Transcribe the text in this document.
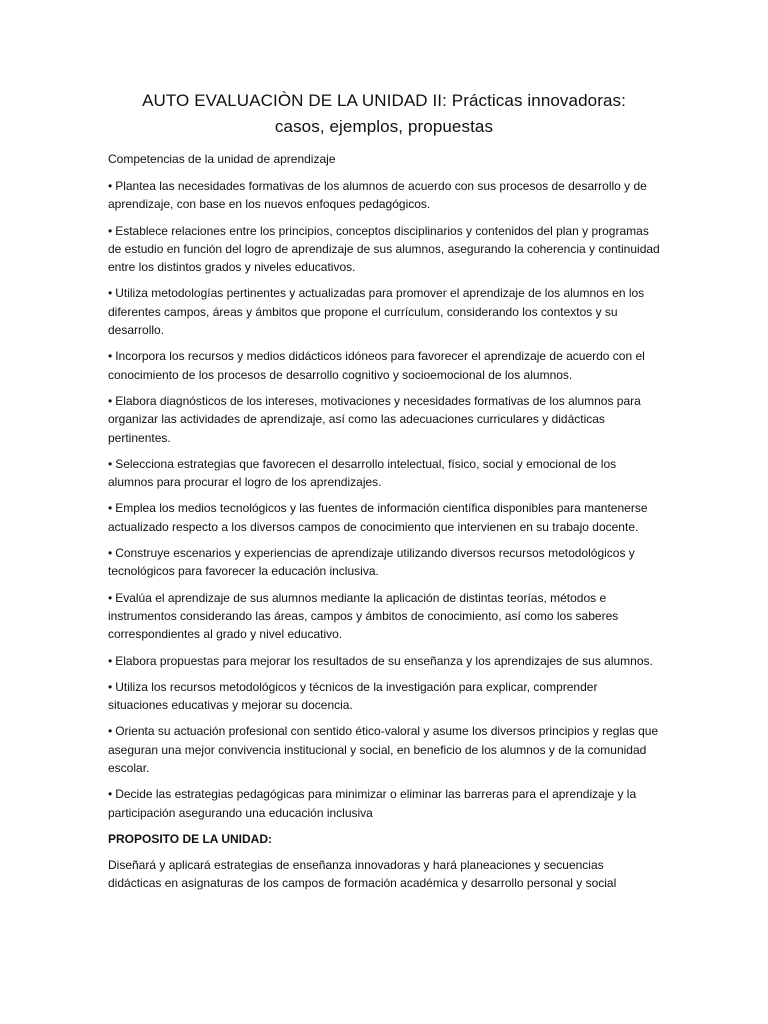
AUTO EVALUACIÒN DE LA UNIDAD II: Prácticas innovadoras:
casos, ejemplos, propuestas

Competencias de la unidad de aprendizaje

• Plantea las necesidades formativas de los alumnos de acuerdo con sus procesos de desarrollo y de aprendizaje, con base en los nuevos enfoques pedagógicos.

• Establece relaciones entre los principios, conceptos disciplinarios y contenidos del plan y programas de estudio en función del logro de aprendizaje de sus alumnos, asegurando la coherencia y continuidad entre los distintos grados y niveles educativos.

• Utiliza metodologías pertinentes y actualizadas para promover el aprendizaje de los alumnos en los diferentes campos, áreas y ámbitos que propone el currículum, considerando los contextos y su desarrollo.

• Incorpora los recursos y medios didácticos idóneos para favorecer el aprendizaje de acuerdo con el conocimiento de los procesos de desarrollo cognitivo y socioemocional de los alumnos.

• Elabora diagnósticos de los intereses, motivaciones y necesidades formativas de los alumnos para organizar las actividades de aprendizaje, así como las adecuaciones curriculares y didácticas pertinentes.

• Selecciona estrategias que favorecen el desarrollo intelectual, físico, social y emocional de los alumnos para procurar el logro de los aprendizajes.

• Emplea los medios tecnológicos y las fuentes de información científica disponibles para mantenerse actualizado respecto a los diversos campos de conocimiento que intervienen en su trabajo docente.

• Construye escenarios y experiencias de aprendizaje utilizando diversos recursos metodológicos y tecnológicos para favorecer la educación inclusiva.

• Evalúa el aprendizaje de sus alumnos mediante la aplicación de distintas teorías, métodos e instrumentos considerando las áreas, campos y ámbitos de conocimiento, así como los saberes correspondientes al grado y nivel educativo.

• Elabora propuestas para mejorar los resultados de su enseñanza y los aprendizajes de sus alumnos.

• Utiliza los recursos metodológicos y técnicos de la investigación para explicar, comprender situaciones educativas y mejorar su docencia.

• Orienta su actuación profesional con sentido ético-valoral y asume los diversos principios y reglas que aseguran una mejor convivencia institucional y social, en beneficio de los alumnos y de la comunidad escolar.

• Decide las estrategias pedagógicas para minimizar o eliminar las barreras para el aprendizaje y la participación asegurando una educación inclusiva

PROPOSITO DE LA UNIDAD:

Diseñará y aplicará estrategias de enseñanza innovadoras y hará planeaciones y secuencias didácticas en asignaturas de los campos de formación académica y desarrollo personal y social
